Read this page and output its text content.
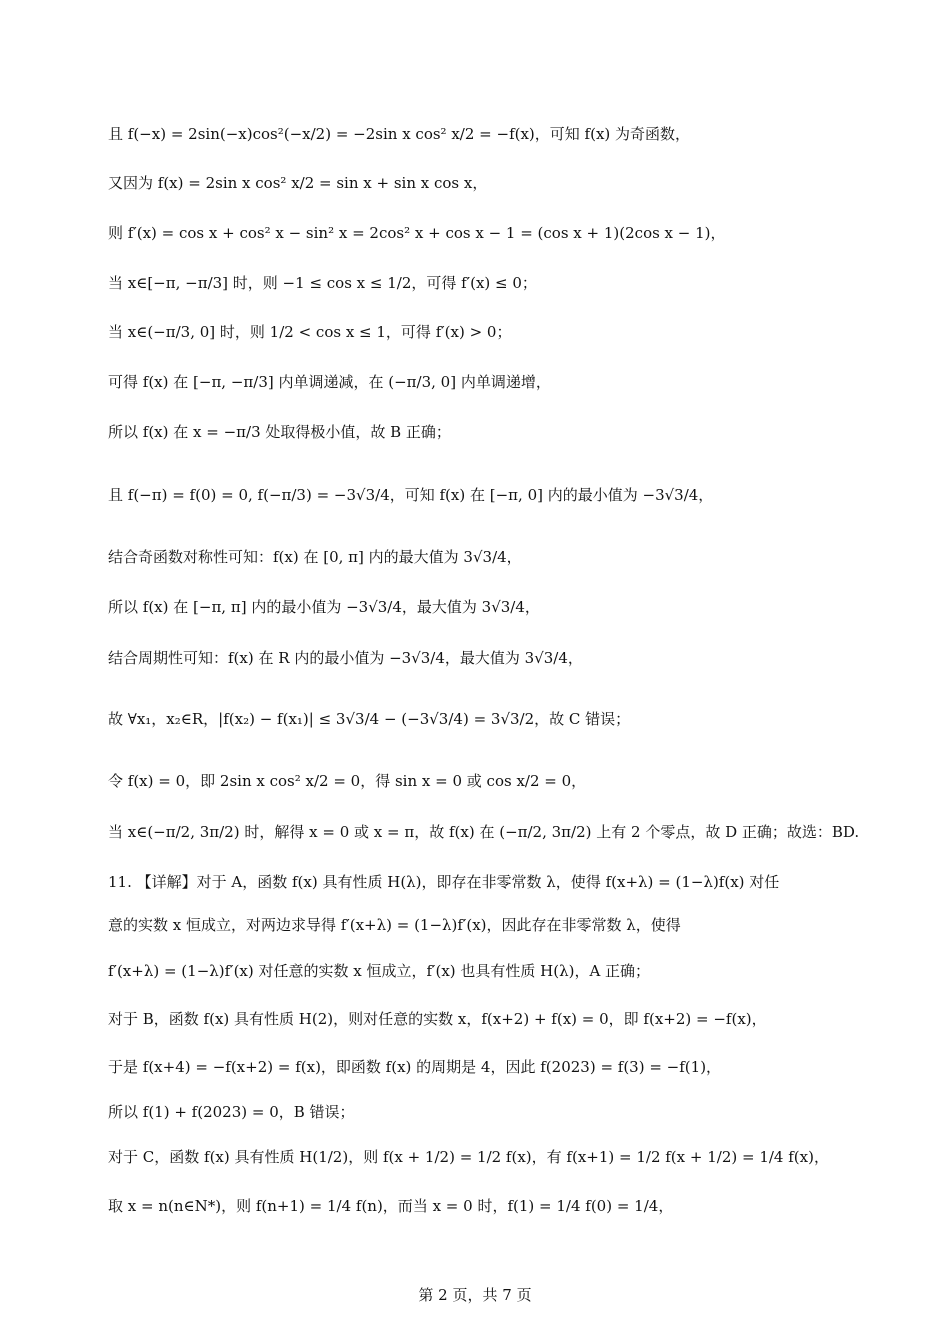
且 f(−x) = 2sin(−x)cos²(−x/2) = −2sin x cos² x/2 = −f(x)，可知 f(x) 为奇函数，
又因为 f(x) = 2sin x cos² x/2 = sin x + sin x cos x，
则 f′(x) = cos x + cos² x − sin² x = 2cos² x + cos x − 1 = (cos x + 1)(2cos x − 1)，
当 x∈[−π, −π/3] 时，则 −1 ≤ cos x ≤ 1/2，可得 f′(x) ≤ 0；
当 x∈(−π/3, 0] 时，则 1/2 < cos x ≤ 1，可得 f′(x) > 0；
可得 f(x) 在 [−π, −π/3] 内单调递减，在 (−π/3, 0] 内单调递增，
所以 f(x) 在 x = −π/3 处取得极小值，故 B 正确；
且 f(−π) = f(0) = 0, f(−π/3) = −3√3/4，可知 f(x) 在 [−π, 0] 内的最小值为 −3√3/4，
结合奇函数对称性可知：f(x) 在 [0, π] 内的最大值为 3√3/4，
所以 f(x) 在 [−π, π] 内的最小值为 −3√3/4，最大值为 3√3/4，
结合周期性可知：f(x) 在 R 内的最小值为 −3√3/4，最大值为 3√3/4，
故 ∀x₁，x₂∈R，|f(x₂) − f(x₁)| ≤ 3√3/4 − (−3√3/4) = 3√3/2，故 C 错误；
令 f(x) = 0，即 2sin x cos² x/2 = 0，得 sin x = 0 或 cos x/2 = 0，
当 x∈(−π/2, 3π/2) 时，解得 x = 0 或 x = π，故 f(x) 在 (−π/2, 3π/2) 上有 2 个零点，故 D 正确；故选：BD.
11. 【详解】对于 A，函数 f(x) 具有性质 H(λ)，即存在非零常数 λ，使得 f(x+λ) = (1−λ)f(x) 对任
意的实数 x 恒成立，对两边求导得 f′(x+λ) = (1−λ)f′(x)，因此存在非零常数 λ，使得
f′(x+λ) = (1−λ)f′(x) 对任意的实数 x 恒成立，f′(x) 也具有性质 H(λ)，A 正确；
对于 B，函数 f(x) 具有性质 H(2)，则对任意的实数 x，f(x+2) + f(x) = 0，即 f(x+2) = −f(x)，
于是 f(x+4) = −f(x+2) = f(x)，即函数 f(x) 的周期是 4，因此 f(2023) = f(3) = −f(1)，
所以 f(1) + f(2023) = 0，B 错误；
对于 C，函数 f(x) 具有性质 H(1/2)，则 f(x + 1/2) = 1/2 f(x)，有 f(x+1) = 1/2 f(x + 1/2) = 1/4 f(x)，
取 x = n(n∈N*)，则 f(n+1) = 1/4 f(n)，而当 x = 0 时，f(1) = 1/4 f(0) = 1/4，
第 2 页，共 7 页
